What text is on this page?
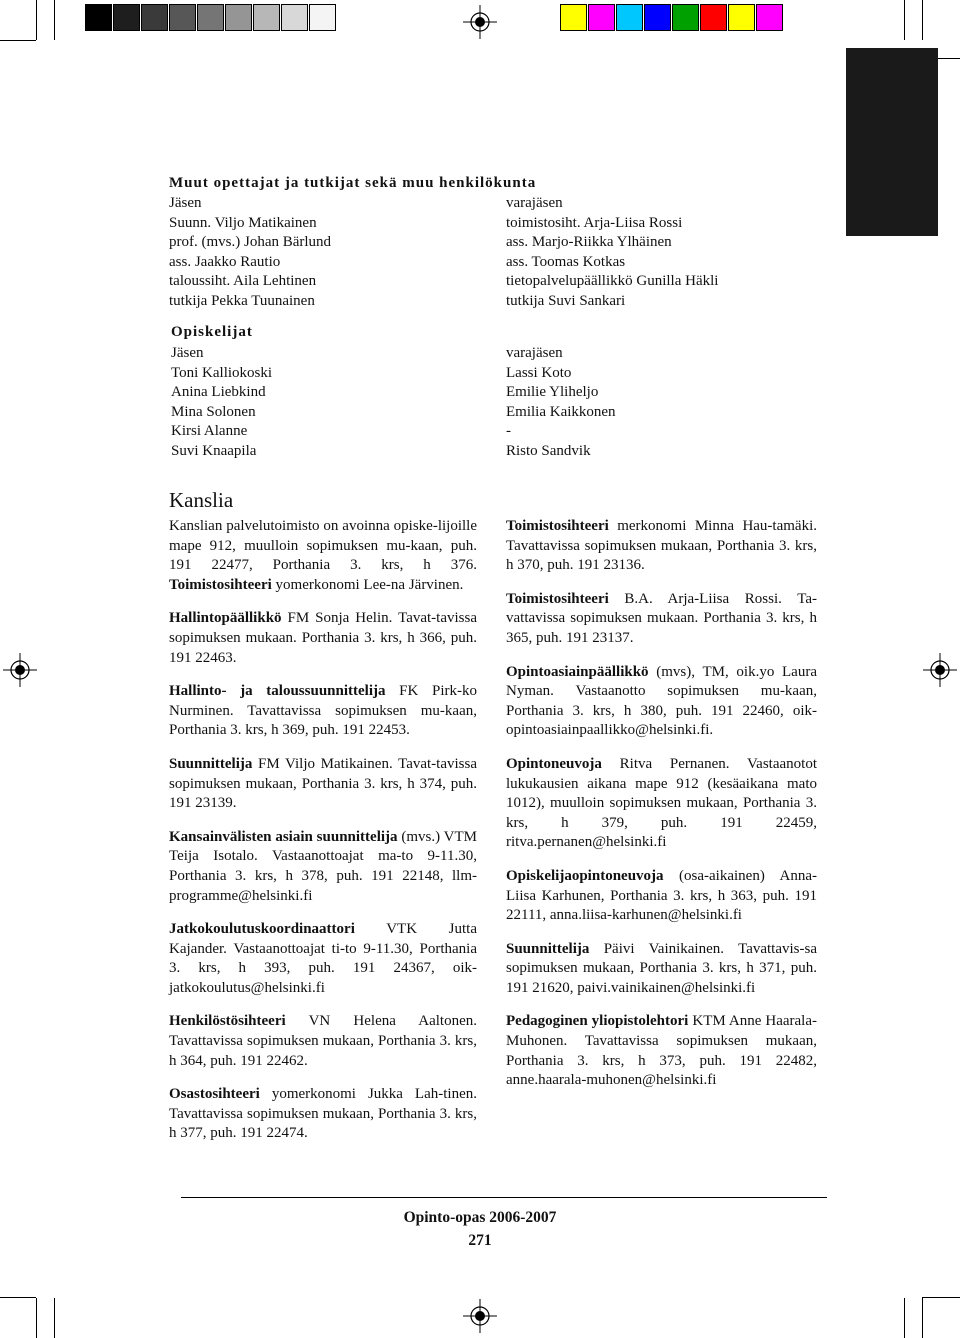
Muut opettajat ja tutkijat sekä muu henkilökunta
Jäsen
Suunn. Viljo Matikainen
prof. (mvs.) Johan Bärlund
ass. Jaakko Rautio
taloussiht. Aila Lehtinen
tutkija Pekka Tuunainen
varajäsen
toimistosiht. Arja-Liisa Rossi
ass. Marjo-Riikka Ylhäinen
ass. Toomas Kotkas
tietopalvelupäällikkö Gunilla Häkli
tutkija Suvi Sankari
Opiskelijat
Jäsen
Toni Kalliokoski
Anina Liebkind
Mina Solonen
Kirsi Alanne
Suvi Knaapila
varajäsen
Lassi Koto
Emilie Yliheljo
Emilia Kaikkonen
-
Risto Sandvik
Kanslia

Kanslian palvelutoimisto on avoinna opiske-lijoille mape 912, muulloin sopimuksen mu-kaan, puh. 191 22477, Porthania 3. krs, h 376. Toimistosihteeri yomerkonomi Lee-na Järvinen.

Hallintopäällikkö FM Sonja Helin. Tavat-tavissa sopimuksen mukaan. Porthania 3. krs, h 366, puh. 191 22463.

Hallinto- ja taloussuunnittelija FK Pirk-ko Nurminen. Tavattavissa sopimuksen mu-kaan, Porthania 3. krs, h 369, puh. 191 22453.

Suunnittelija FM Viljo Matikainen. Tavat-tavissa sopimuksen mukaan, Porthania 3. krs, h 374, puh. 191 23139.

Kansainvälisten asiain suunnittelija (mvs.) VTM Teija Isotalo. Vastaanottoajat ma-to 9-11.30, Porthania 3. krs, h 378, puh. 191 22148, llm-programme@helsinki.fi

Jatkokoulutuskoordinaattori VTK Jutta Kajander. Vastaanottoajat ti-to 9-11.30, Porthania 3. krs, h 393, puh. 191 24367, oik-jatkokoulutus@helsinki.fi

Henkilöstösihteeri VN Helena Aaltonen. Tavattavissa sopimuksen mukaan, Porthania 3. krs, h 364, puh. 191 22462.

Osastosihteeri yomerkonomi Jukka Lah-tinen. Tavattavissa sopimuksen mukaan, Porthania 3. krs, h 377, puh. 191 22474.

Toimistosihteeri merkonomi Minna Hau-tamäki. Tavattavissa sopimuksen mukaan, Porthania 3. krs, h 370, puh. 191 23136.

Toimistosihteeri B.A. Arja-Liisa Rossi. Ta-vattavissa sopimuksen mukaan. Porthania 3. krs, h 365, puh. 191 23137.

Opintoasiainpäällikkö (mvs), TM, oik.yo Laura Nyman. Vastaanotto sopimuksen mu-kaan, Porthania 3. krs, h 380, puh. 191 22460, oik-opintoasiainpaallikko@helsinki.fi.

Opintoneuvoja Ritva Pernanen. Vastaanotot lukukausien aikana mape 912 (kesäaikana mato 1012), muulloin sopimuksen mukaan, Porthania 3. krs, h 379, puh. 191 22459, ritva.pernanen@helsinki.fi

Opiskelijaopintoneuvoja (osa-aikainen) Anna-Liisa Karhunen, Porthania 3. krs, h 363, puh. 191 22111, anna.liisa-karhunen@helsinki.fi

Suunnittelija Päivi Vainikainen. Tavattavis-sa sopimuksen mukaan, Porthania 3. krs, h 371, puh. 191 21620, paivi.vainikainen@helsinki.fi

Pedagoginen yliopistolehtori KTM Anne Haarala-Muhonen. Tavattavissa sopimuksen mukaan, Porthania 3. krs, h 373, puh. 191 22482, anne.haarala-muhonen@helsinki.fi

Opinto-opas 2006-2007
271
